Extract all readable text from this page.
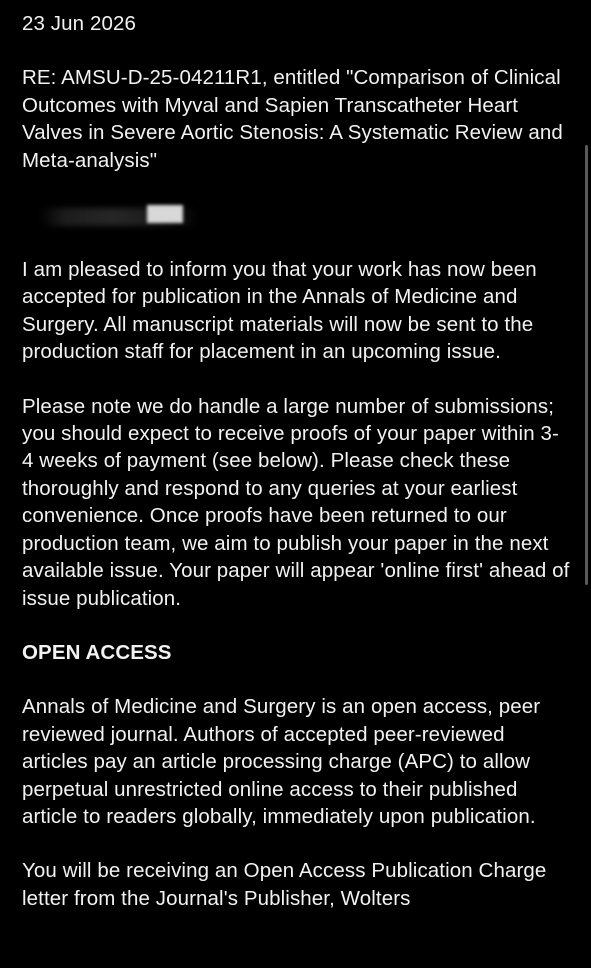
23 Jun 2026
RE: AMSU-D-25-04211R1, entitled "Comparison of Clinical Outcomes with Myval and Sapien Transcatheter Heart Valves in Severe Aortic Stenosis: A Systematic Review and Meta-analysis"
I am pleased to inform you that your work has now been accepted for publication in the Annals of Medicine and Surgery. All manuscript materials will now be sent to the production staff for placement in an upcoming issue.
Please note we do handle a large number of submissions; you should expect to receive proofs of your paper within 3-4 weeks of payment (see below). Please check these thoroughly and respond to any queries at your earliest convenience. Once proofs have been returned to our production team, we aim to publish your paper in the next available issue. Your paper will appear 'online first' ahead of issue publication.
OPEN ACCESS
Annals of Medicine and Surgery is an open access, peer reviewed journal. Authors of accepted peer-reviewed articles pay an article processing charge (APC) to allow perpetual unrestricted online access to their published article to readers globally, immediately upon publication.
You will be receiving an Open Access Publication Charge letter from the Journal's Publisher, Wolters
